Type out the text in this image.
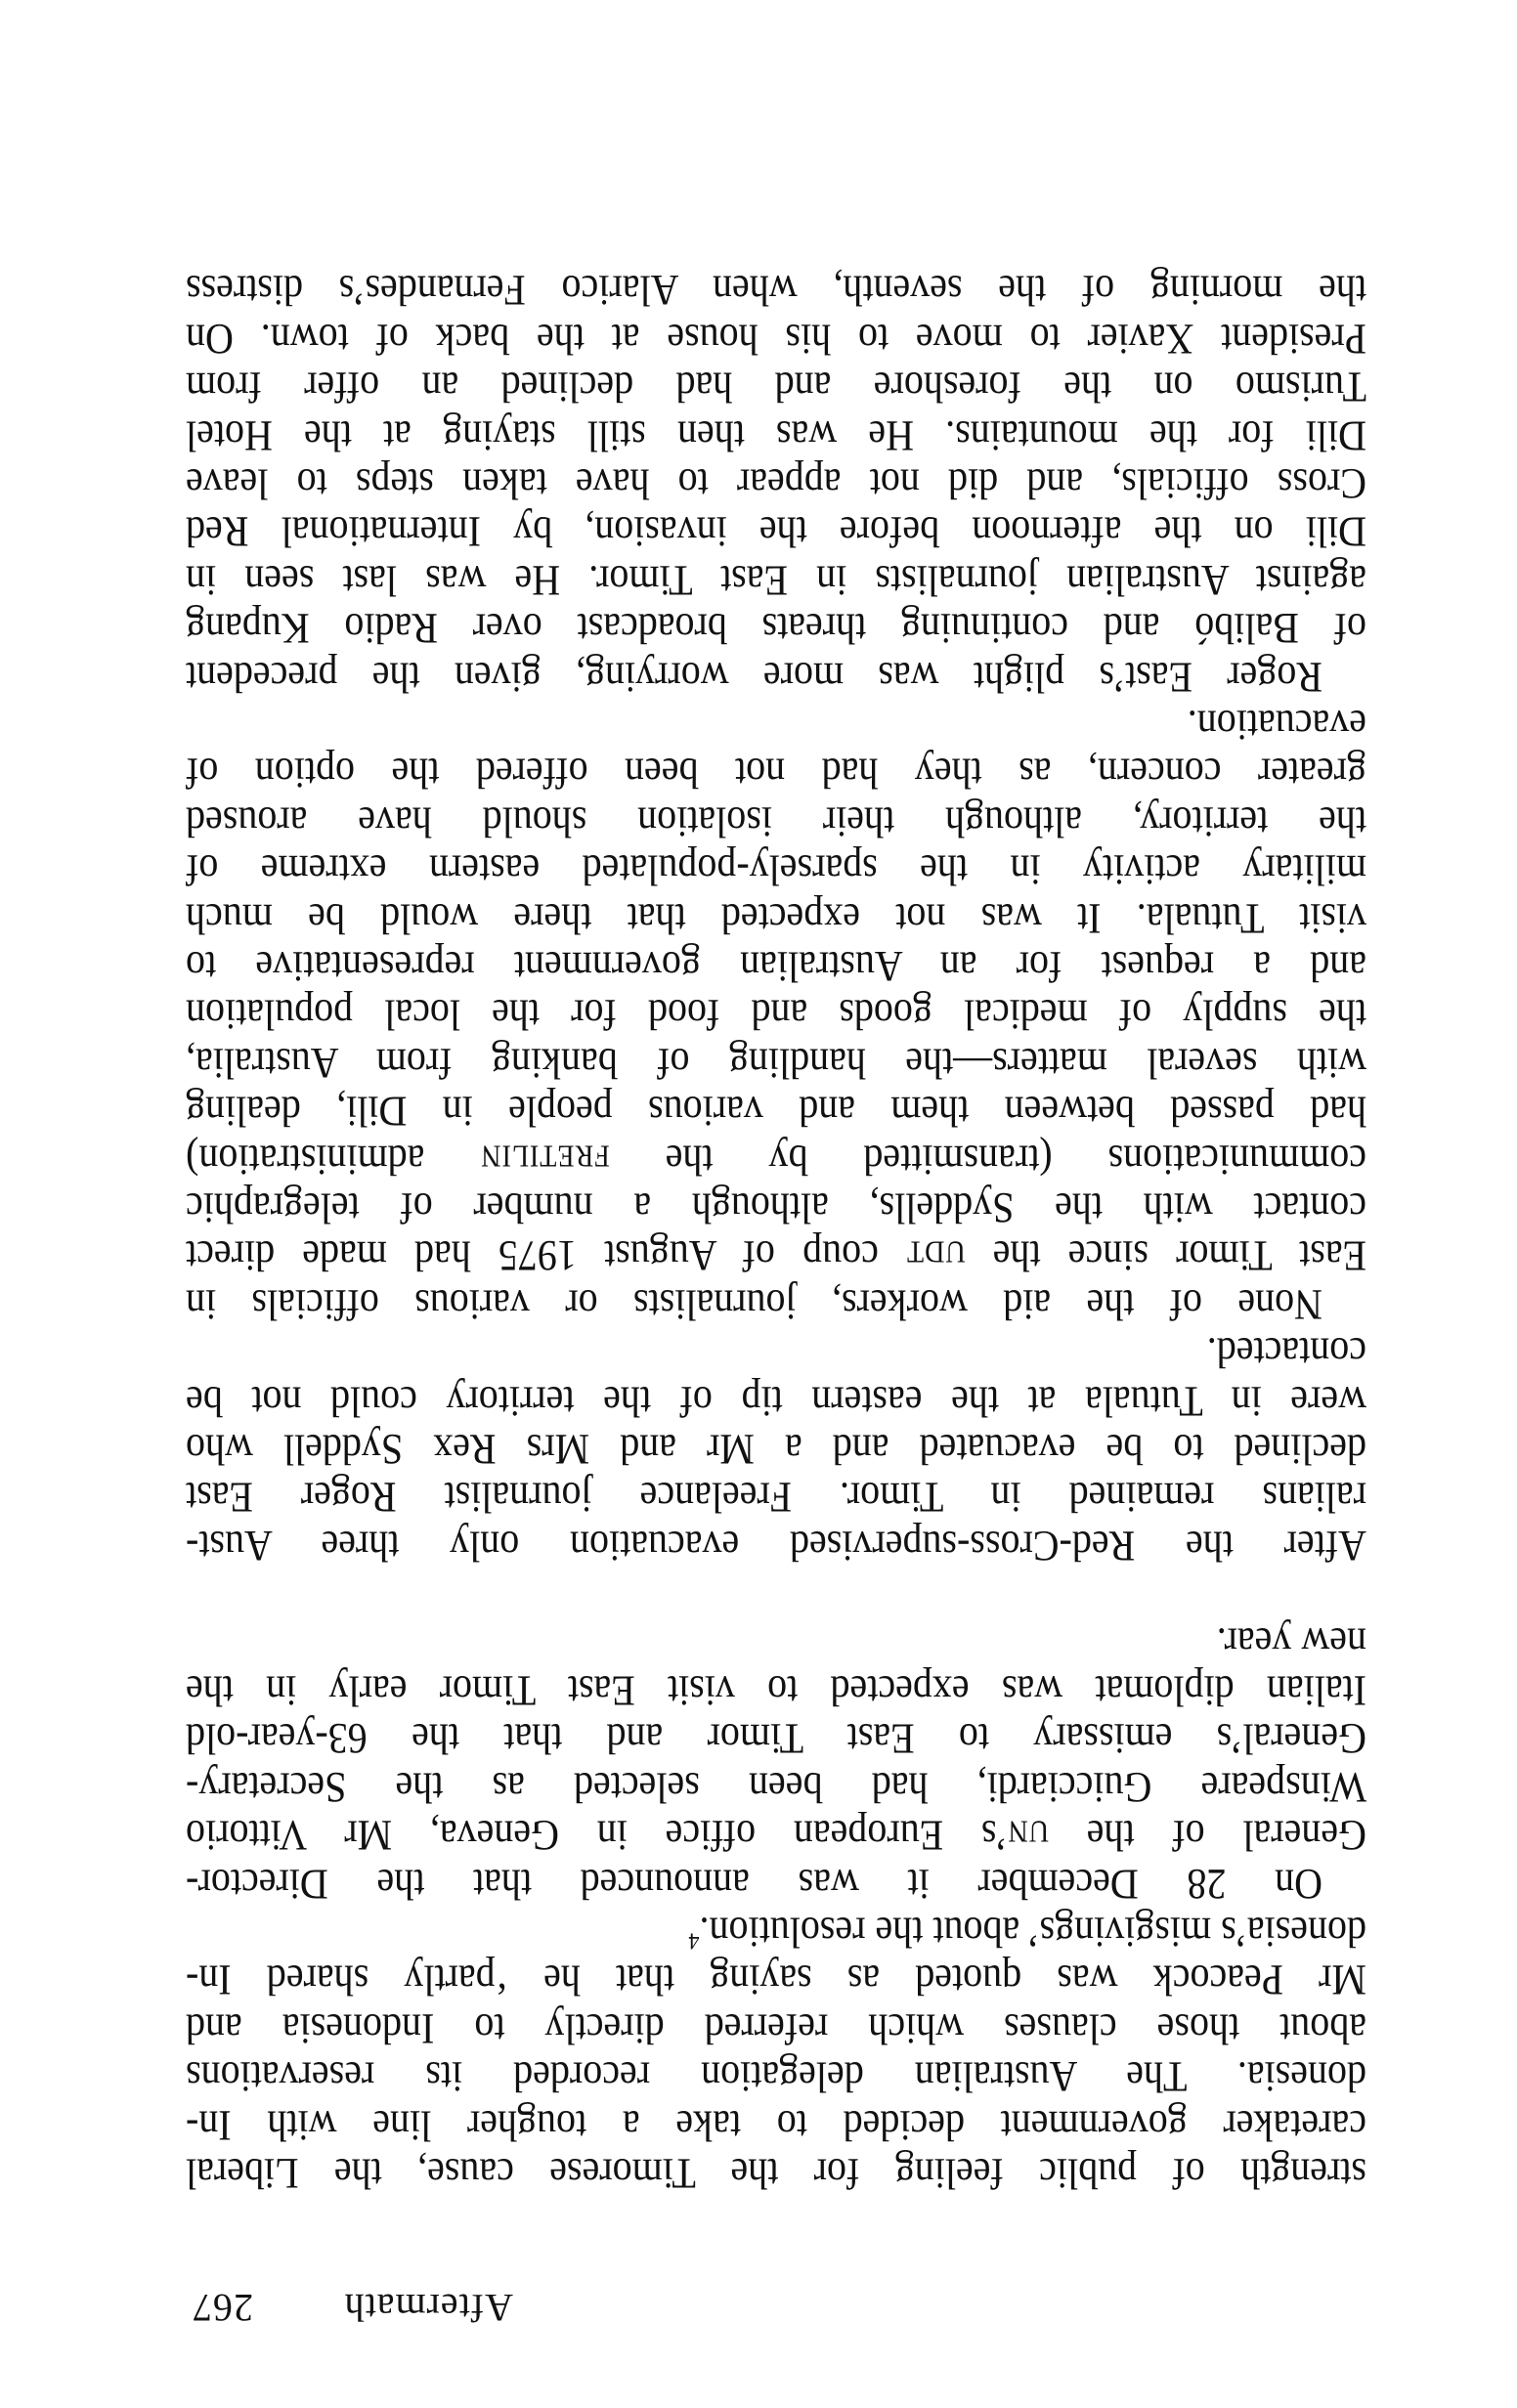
Aftermath
267
strength of public feeling for the Timorese cause, the Liberal
caretaker government decided to take a tougher line with In-
donesia. The Australian delegation recorded its reservations
about those clauses which referred directly to Indonesia and
Mr Peacock was quoted as saying that he ‘partly shared In-
donesia’s misgivings’ about the resolution.$^4$
On 28 December it was announced that the Director-
General of the un’s European office in Geneva, Mr Vittorio
Winspeare Guicciardi, had been selected as the Secretary-
General’s emissary to East Timor and that the 63-year-old
Italian diplomat was expected to visit East Timor early in the
new year.
After the Red-Cross-supervised evacuation only three Aust-
ralians remained in Timor. Freelance journalist Roger East
declined to be evacuated and a Mr and Mrs Rex Syddell who
were in Tutuala at the eastern tip of the territory could not be
contacted.
None of the aid workers, journalists or various officials in
East Timor since the udt coup of August 1975 had made direct
contact with the Syddells, although a number of telegraphic
communications (transmitted by the fretilin administration)
had passed between them and various people in Dili, dealing
with several matters—the handling of banking from Australia,
the supply of medical goods and food for the local population
and a request for an Australian government representative to
visit Tutuala. It was not expected that there would be much
military activity in the sparsely-populated eastern extreme of
the territory, although their isolation should have aroused
greater concern, as they had not been offered the option of
evacuation.
Roger East’s plight was more worrying, given the precedent
of Balibó and continuing threats broadcast over Radio Kupang
against Australian journalists in East Timor. He was last seen in
Dili on the afternoon before the invasion, by International Red
Cross officials, and did not appear to have taken steps to leave
Dili for the mountains. He was then still staying at the Hotel
Turismo on the foreshore and had declined an offer from
President Xavier to move to his house at the back of town. On
the morning of the seventh, when Alarico Fernandes’s distress
